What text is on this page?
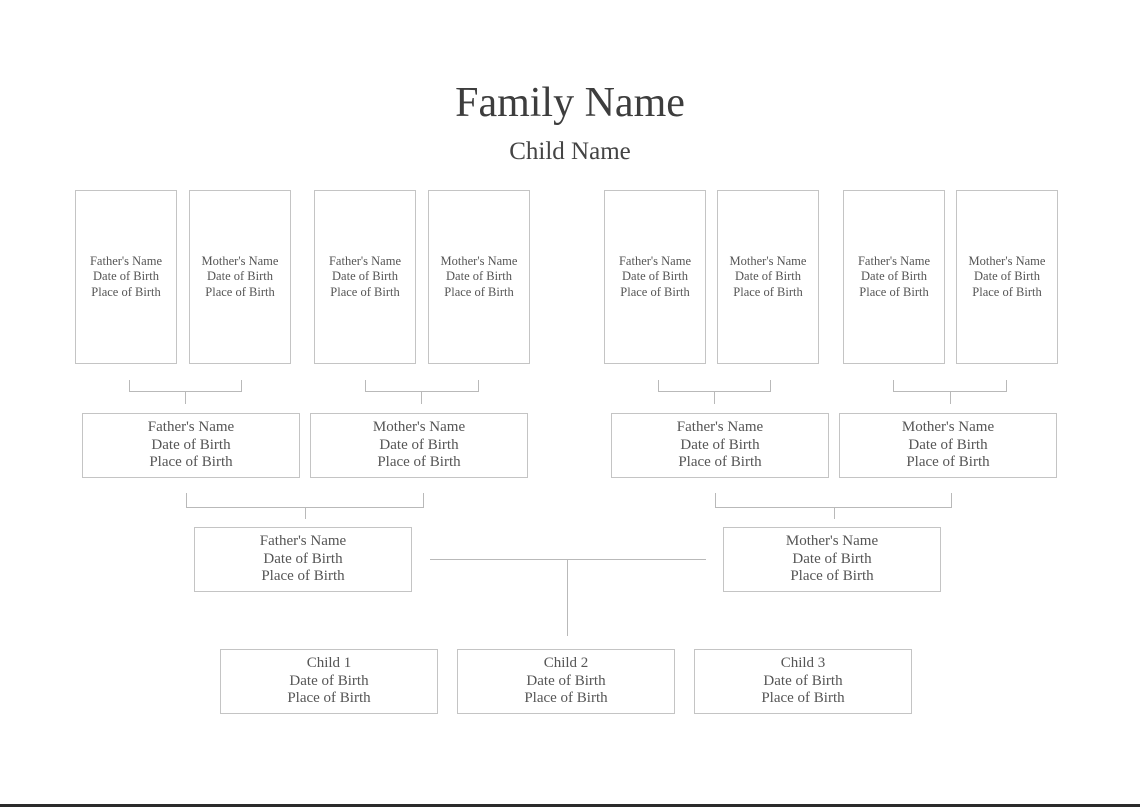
Family Name
Child Name
Father's Name
Date of Birth
Place of Birth
Mother's Name
Date of Birth
Place of Birth
Father's Name
Date of Birth
Place of Birth
Mother's Name
Date of Birth
Place of Birth
Father's Name
Date of Birth
Place of Birth
Mother's Name
Date of Birth
Place of Birth
Father's Name
Date of Birth
Place of Birth
Mother's Name
Date of Birth
Place of Birth
Father's Name
Date of Birth
Place of Birth
Mother's Name
Date of Birth
Place of Birth
Father's Name
Date of Birth
Place of Birth
Mother's Name
Date of Birth
Place of Birth
Father's Name
Date of Birth
Place of Birth
Mother's Name
Date of Birth
Place of Birth
Child 1
Date of Birth
Place of Birth
Child 2
Date of Birth
Place of Birth
Child 3
Date of Birth
Place of Birth
